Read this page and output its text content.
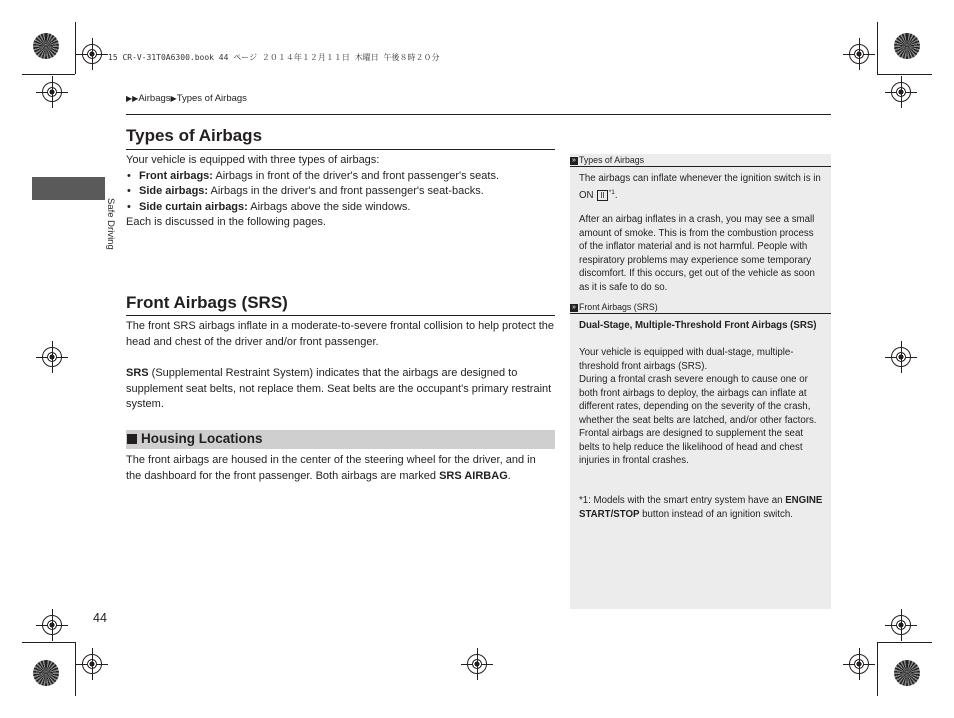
15 CR-V-31T0A6300.book 44 ページ ２０１４年１２月１１日 木曜日 午後８時２０分
▶▶Airbags▶Types of Airbags
Safe Driving
Types of Airbags
Your vehicle is equipped with three types of airbags:
• Front airbags: Airbags in front of the driver's and front passenger's seats.
• Side airbags: Airbags in the driver's and front passenger's seat-backs.
• Side curtain airbags: Airbags above the side windows.
Each is discussed in the following pages.
Front Airbags (SRS)
The front SRS airbags inflate in a moderate-to-severe frontal collision to help protect the head and chest of the driver and/or front passenger.
SRS (Supplemental Restraint System) indicates that the airbags are designed to supplement seat belts, not replace them. Seat belts are the occupant's primary restraint system.
Housing Locations
The front airbags are housed in the center of the steering wheel for the driver, and in the dashboard for the front passenger. Both airbags are marked SRS AIRBAG.
44
» Types of Airbags
The airbags can inflate whenever the ignition switch is in ON II $^{*1}$.
After an airbag inflates in a crash, you may see a small amount of smoke. This is from the combustion process of the inflator material and is not harmful. People with respiratory problems may experience some temporary discomfort. If this occurs, get out of the vehicle as soon as it is safe to do so.
» Front Airbags (SRS)
Dual-Stage, Multiple-Threshold Front Airbags (SRS)
Your vehicle is equipped with dual-stage, multiple-threshold front airbags (SRS).
During a frontal crash severe enough to cause one or both front airbags to deploy, the airbags can inflate at different rates, depending on the severity of the crash, whether the seat belts are latched, and/or other factors. Frontal airbags are designed to supplement the seat belts to help reduce the likelihood of head and chest injuries in frontal crashes.
*1: Models with the smart entry system have an ENGINE START/STOP button instead of an ignition switch.
